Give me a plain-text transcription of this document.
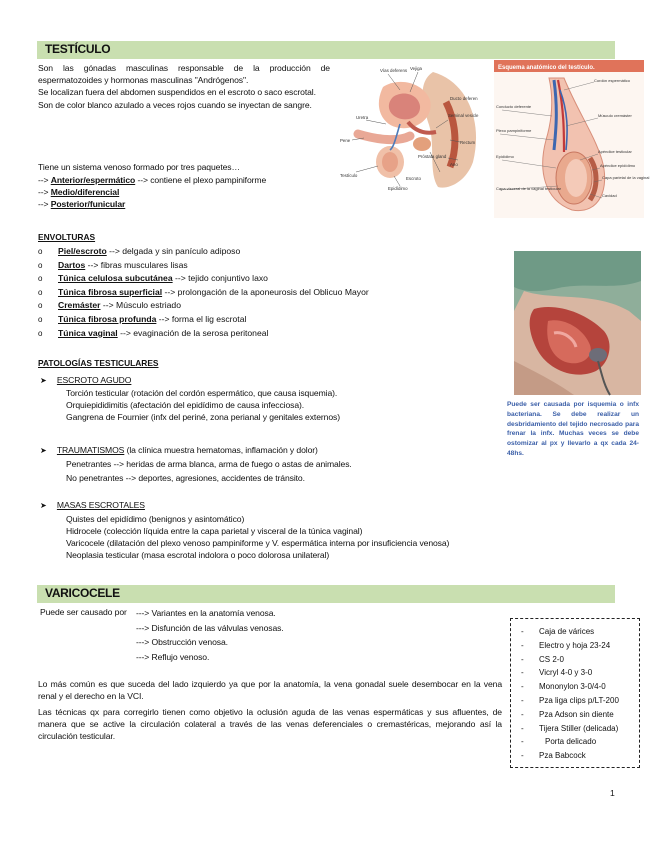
TESTÍCULO
Son las gónadas masculinas responsable de la producción de espermatozoides y hormonas masculinas "Andrógenos".
Se localizan fuera del abdomen suspendidos en el escroto o saco escrotal.
Son de color blanco azulado a veces rojos cuando se inyectan de sangre.
Tiene un sistema venoso formado por tres paquetes…
--> Anterior/espermático --> contiene el plexo pampiniforme
--> Medio/diferencial
--> Posterior/funicular
Vías deferens Vejiga
Uretra
Pene
Testículo
Epidídimo
Escroto
Próstata gland
Ano
Rectum
Seminal vesicle
Ducto deferen
Esquema anatómico del testículo.
Cordón espermático
Conducto deferente
Músculo cremáster
Plexo pampiniforme
Apéndice testicular
Epidídimo
Apéndice epidídimo
Capa parietal de la vaginal
Capa visceral de la vaginal testicular
Cavidad
ENVOLTURAS
o Piel/escroto --> delgada y sin panículo adiposo
o Dartos --> fibras musculares lisas
o Túnica celulosa subcutánea --> tejido conjuntivo laxo
o Túnica fibrosa superficial --> prolongación de la aponeurosis del Oblicuo Mayor
o Cremáster --> Músculo estriado
o Túnica fibrosa profunda --> forma el lig escrotal
o Túnica vaginal --> evaginación de la serosa peritoneal
Puede ser causada por isquemia o infx bacteriana. Se debe realizar un desbridamiento del tejido necrosado para frenar la infx. Muchas veces se debe ostomizar al px y llevarlo a qx cada 24-48hs.
PATOLOGÍAS TESTICULARES
➤ ESCROTO AGUDO
Torción testicular (rotación del cordón espermático, que causa isquemia).
Orquiepididimitis (afectación del epidídimo de causa infecciosa).
Gangrena de Fournier (infx del periné, zona perianal y genitales externos)
➤ TRAUMATISMOS (la clínica muestra hematomas, inflamación y dolor)
Penetrantes --> heridas de arma blanca, arma de fuego o astas de animales.
No penetrantes --> deportes, agresiones, accidentes de tránsito.
➤ MASAS ESCROTALES
Quistes del epidídimo (benignos y asintomático)
Hidrocele (colección líquida entre la capa parietal y visceral de la túnica vaginal)
Varicocele (dilatación del plexo venoso pampiniforme y V. espermática interna por insuficiencia venosa)
Neoplasia testicular (masa escrotal indolora o poco dolorosa unilateral)
VARICOCELE
Puede ser causado por ---> Variantes en la anatomía venosa.
---> Disfunción de las válvulas venosas.
---> Obstrucción venosa.
---> Reflujo venoso.
Lo más común es que suceda del lado izquierdo ya que por la anatomía, la vena gonadal suele desembocar en la vena renal y el derecho en la VCI.
Las técnicas qx para corregirlo tienen como objetivo la oclusión aguda de las venas espermáticas y sus afluentes, de manera que se active la circulación colateral a través de las venas deferenciales o cremastéricas, mejorando así la circulación testicular.
- Caja de várices
- Electro y hoja 23-24
- CS 2-0
- Vicryl 4-0 y 3-0
- Mononylon 3-0/4-0
- Pza liga clips p/LT-200
- Pza Adson sin diente
- Tijera Stiller (delicada)
-	Porta delicado
- Pza Babcock
1
